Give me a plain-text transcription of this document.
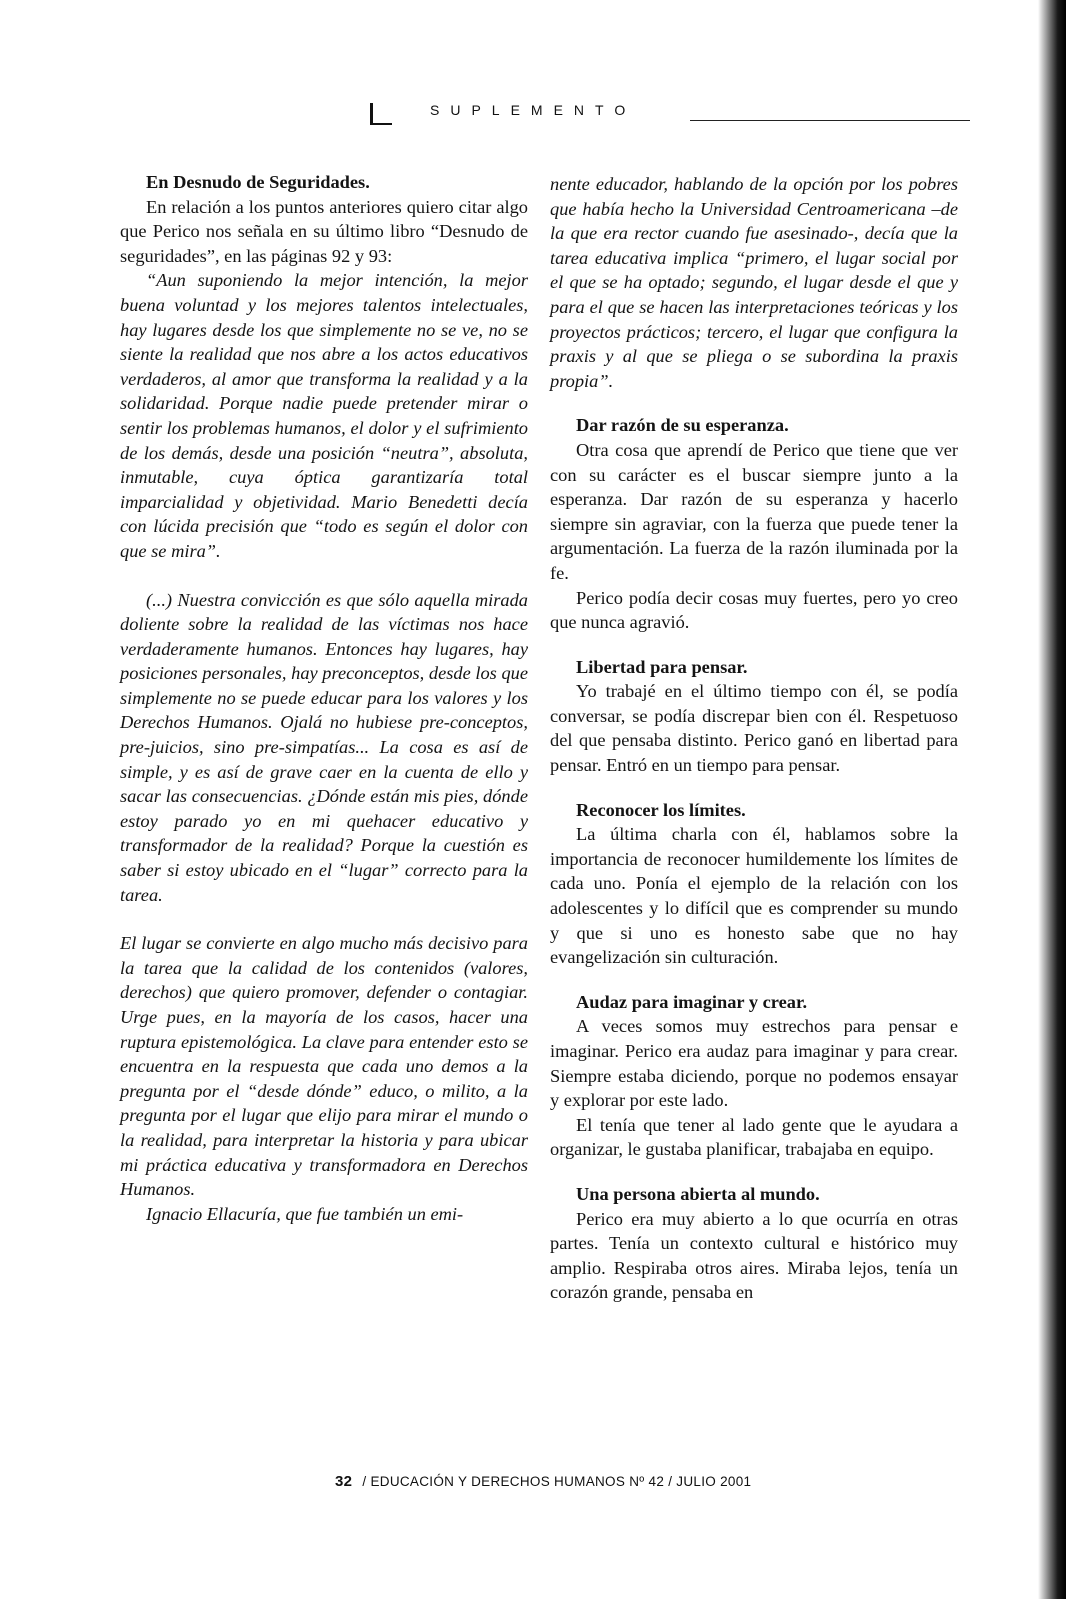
SUPLEMENTO
En Desnudo de Seguridades.

En relación a los puntos anteriores quiero citar algo que Perico nos señala en su último libro “Desnudo de seguridades”, en las páginas 92 y 93:

“Aun suponiendo la mejor intención, la mejor buena voluntad y los mejores talentos intelectuales, hay lugares desde los que simplemente no se ve, no se siente la realidad que nos abre a los actos educativos verdaderos, al amor que transforma la realidad y a la solidaridad. Porque nadie puede pretender mirar o sentir los problemas humanos, el dolor y el sufrimiento de los demás, desde una posición “neutra”, absoluta, inmutable, cuya óptica garantizaría total imparcialidad y objetividad. Mario Benedetti decía con lúcida precisión que “todo es según el dolor con que se mira”.

(...) Nuestra convicción es que sólo aquella mirada doliente sobre la realidad de las víctimas nos hace verdaderamente humanos. Entonces hay lugares, hay posiciones personales, hay preconceptos, desde los que simplemente no se puede educar para los valores y los Derechos Humanos. Ojalá no hubiese pre-conceptos, pre-juicios, sino pre-simpatías... La cosa es así de simple, y es así de grave caer en la cuenta de ello y sacar las consecuencias. ¿Dónde están mis pies, dónde estoy parado yo en mi quehacer educativo y transformador de la realidad? Porque la cuestión es saber si estoy ubicado en el “lugar” correcto para la tarea.

El lugar se convierte en algo mucho más decisivo para la tarea que la calidad de los contenidos (valores, derechos) que quiero promover, defender o contagiar. Urge pues, en la mayoría de los casos, hacer una ruptura epistemológica. La clave para entender esto se encuentra en la respuesta que cada uno demos a la pregunta por el “desde dónde” educo, o milito, a la pregunta por el lugar que elijo para mirar el mundo o la realidad, para interpretar la historia y para ubicar mi práctica educativa y transformadora en Derechos Humanos.

Ignacio Ellacuría, que fue también un emi-

nente educador, hablando de la opción por los pobres que había hecho la Universidad Centroamericana –de la que era rector cuando fue asesinado-, decía que la tarea educativa implica “primero, el lugar social por el que se ha optado; segundo, el lugar desde el que y para el que se hacen las interpretaciones teóricas y los proyectos prácticos; tercero, el lugar que configura la praxis y al que se pliega o se subordina la praxis propia”.

Dar razón de su esperanza.

Otra cosa que aprendí de Perico que tiene que ver con su carácter es el buscar siempre junto a la esperanza. Dar razón de su esperanza y hacerlo siempre sin agraviar, con la fuerza que puede tener la argumentación. La fuerza de la razón iluminada por la fe.

Perico podía decir cosas muy fuertes, pero yo creo que nunca agravió.

Libertad para pensar.

Yo trabajé en el último tiempo con él, se podía conversar, se podía discrepar bien con él. Respetuoso del que pensaba distinto. Perico ganó en libertad para pensar. Entró en un tiempo para pensar.

Reconocer los límites.

La última charla con él, hablamos sobre la importancia de reconocer humildemente los límites de cada uno. Ponía el ejemplo de la relación con los adolescentes y lo difícil que es comprender su mundo y que si uno es honesto sabe que no hay evangelización sin culturación.

Audaz para imaginar y crear.

A veces somos muy estrechos para pensar e imaginar. Perico era audaz para imaginar y para crear. Siempre estaba diciendo, porque no podemos ensayar y explorar por este lado.

El tenía que tener al lado gente que le ayudara a organizar, le gustaba planificar, trabajaba en equipo.

Una persona abierta al mundo.

Perico era muy abierto a lo que ocurría en otras partes. Tenía un contexto cultural e histórico muy amplio. Respiraba otros aires. Miraba lejos, tenía un corazón grande, pensaba en

32 / EDUCACIÓN Y DERECHOS HUMANOS Nº 42 / JULIO 2001
